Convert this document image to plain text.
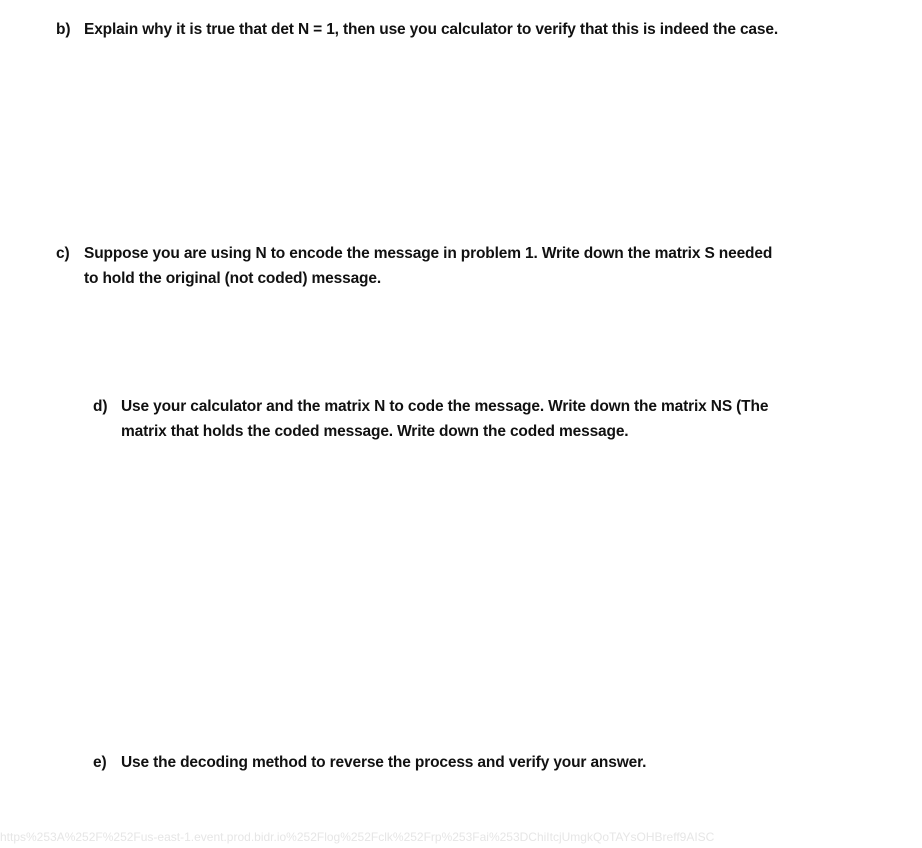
b) Explain why it is true that det N = 1, then use you calculator to verify that this is indeed the case.
c) Suppose you are using N to encode the message in problem 1. Write down the matrix S needed
to hold the original (not coded) message.
d) Use your calculator and the matrix N to code the message. Write down the matrix NS (The
matrix that holds the coded message. Write down the coded message.
e) Use the decoding method to reverse the process and verify your answer.
https%253A%252F%252Fus-east-1.event.prod.bidr.io%252Flog%252Fclk%252Frp%253Fai%253DChiItcjUmgkQoTAYsOHBreff9AISC
